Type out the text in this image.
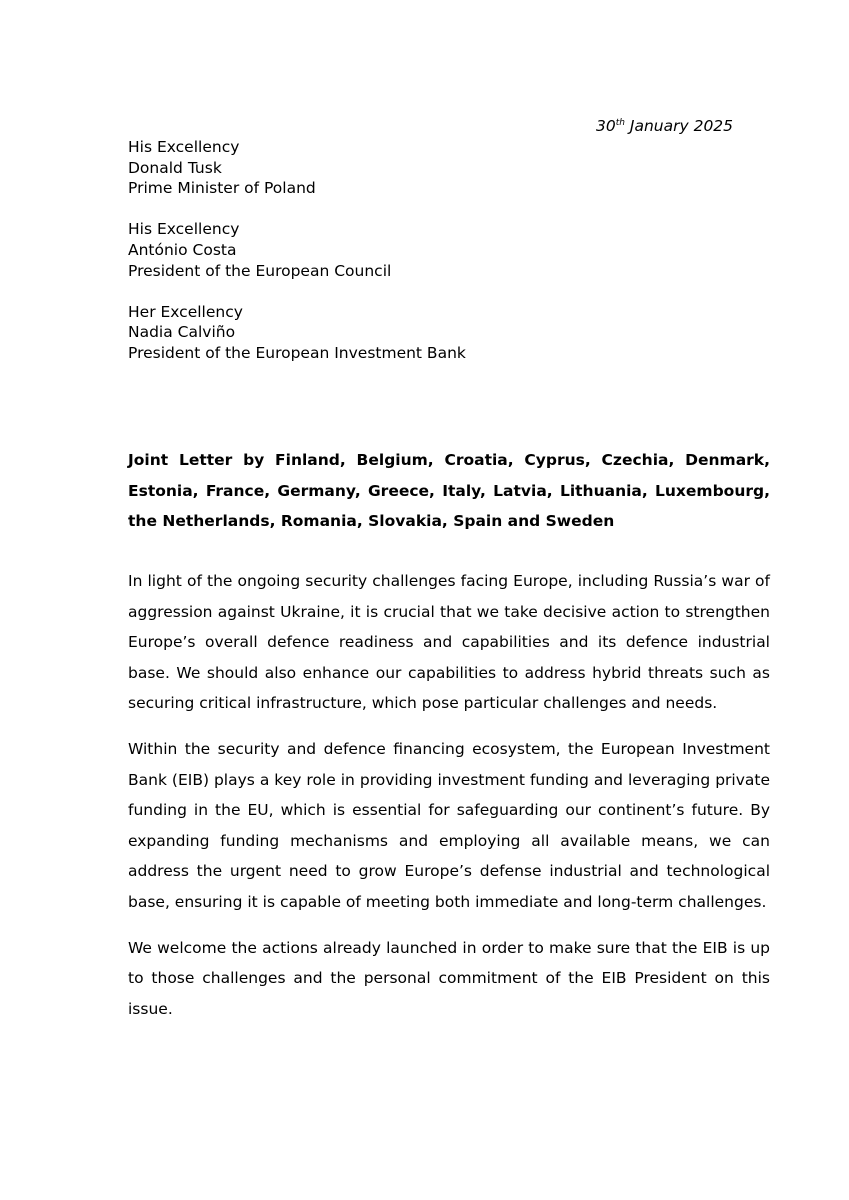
30th January 2025
His Excellency
Donald Tusk
Prime Minister of Poland
His Excellency
António Costa
President of the European Council
Her Excellency
Nadia Calviño
President of the European Investment Bank

Joint Letter by Finland, Belgium, Croatia, Cyprus, Czechia, Denmark, Estonia, France, Germany, Greece, Italy, Latvia, Lithuania, Luxembourg, the Netherlands, Romania, Slovakia, Spain and Sweden

In light of the ongoing security challenges facing Europe, including Russia’s war of aggression against Ukraine, it is crucial that we take decisive action to strengthen Europe’s overall defence readiness and capabilities and its defence industrial base. We should also enhance our capabilities to address hybrid threats such as securing critical infrastructure, which pose particular challenges and needs.

Within the security and defence financing ecosystem, the European Investment Bank (EIB) plays a key role in providing investment funding and leveraging private funding in the EU, which is essential for safeguarding our continent’s future. By expanding funding mechanisms and employing all available means, we can address the urgent need to grow Europe’s defense industrial and technological base, ensuring it is capable of meeting both immediate and long-term challenges.

We welcome the actions already launched in order to make sure that the EIB is up to those challenges and the personal commitment of the EIB President on this issue.
